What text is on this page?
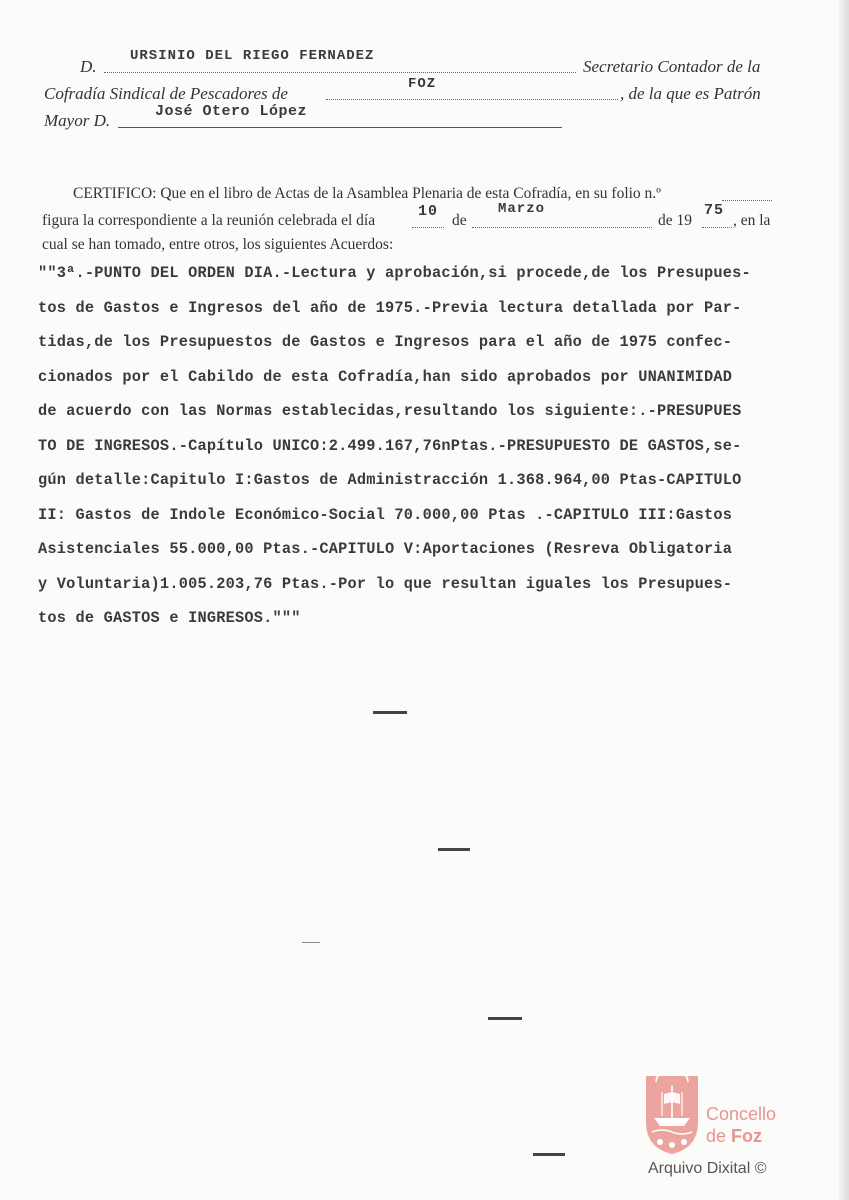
D.
URSINIO DEL RIEGO FERNADEZ
Secretario Contador de la
Cofradía Sindical de Pescadores de	FOZ	, de la que es Patrón
Mayor D.	José Otero López
CERTIFICO: Que en el libro de Actas de la Asamblea Plenaria de esta Cofradía, en su folio n.º
figura la correspondiente a la reunión celebrada el día
10
de
Marzo
de 19
75
, en la
cual se han tomado, entre otros, los siguientes Acuerdos:
""3ª.-PUNTO DEL ORDEN DIA.-Lectura y aprobación,si procede,de los Presupues-
tos de Gastos e Ingresos del año de 1975.-Previa lectura detallada por Par-
tidas,de los Presupuestos de Gastos e Ingresos para el año de 1975 confec-
cionados por el Cabildo de esta Cofradía,han sido aprobados por UNANIMIDAD
de acuerdo con las Normas establecidas,resultando los siguiente:.-PRESUPUES
TO DE INGRESOS.-Capítulo UNICO:2.499.167,76nPtas.-PRESUPUESTO DE GASTOS,se-
gún detalle:Capitulo I:Gastos de Administracción 1.368.964,00 Ptas-CAPITULO
II: Gastos de Indole Económico-Social 70.000,00 Ptas .-CAPITULO III:Gastos
Asistenciales 55.000,00 Ptas.-CAPITULO V:Aportaciones (Resreva Obligatoria
y Voluntaria)1.005.203,76 Ptas.-Por lo que resultan iguales los Presupues-
tos de GASTOS e INGRESOS."""
Concello
de Foz
Arquivo Dixital ©
